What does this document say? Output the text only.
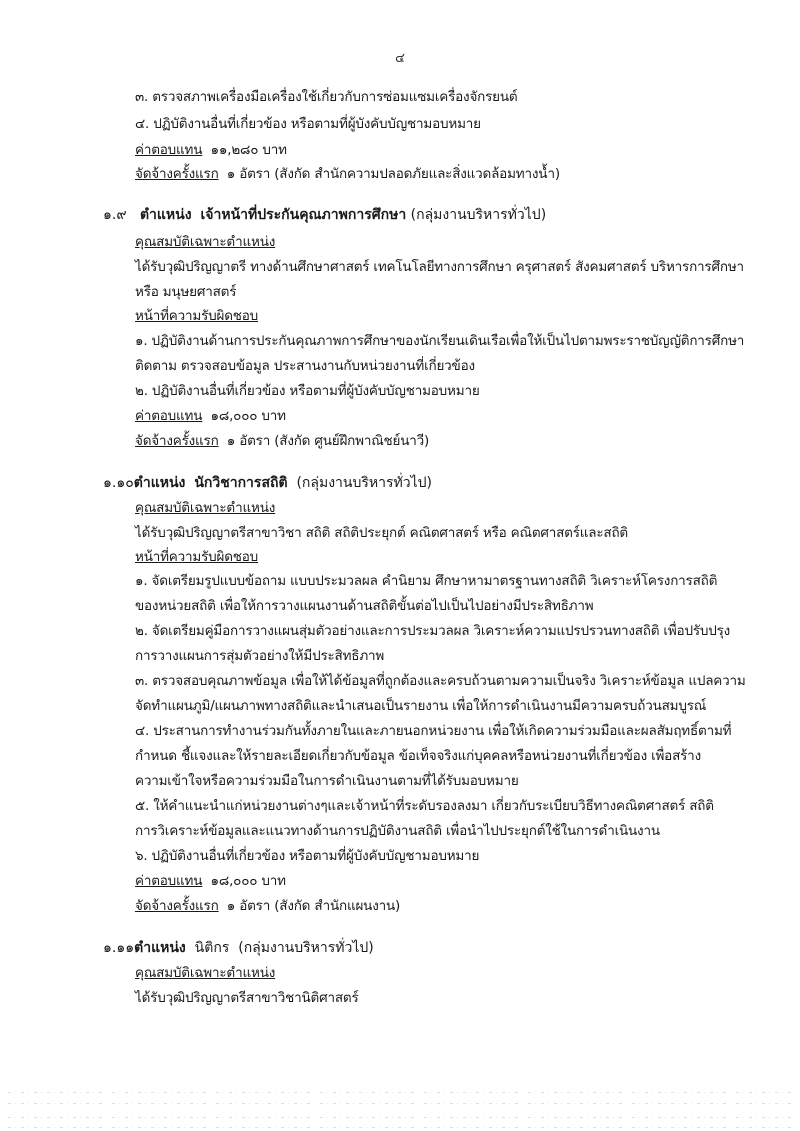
๔
๓. ตรวจสภาพเครื่องมือเครื่องใช้เกี่ยวกับการซ่อมแซมเครื่องจักรยนต์
๔. ปฏิบัติงานอื่นที่เกี่ยวข้อง หรือตามที่ผู้บังคับบัญชามอบหมาย
ค่าตอบแทน ๑๑,๒๘๐ บาท
จัดจ้างครั้งแรก ๑ อัตรา (สังกัด สำนักความปลอดภัยและสิ่งแวดล้อมทางน้ำ)
๑.๙ ตำแหน่ง เจ้าหน้าที่ประกันคุณภาพการศึกษา (กลุ่มงานบริหารทั่วไป)
คุณสมบัติเฉพาะตำแหน่ง
ได้รับวุฒิปริญญาตรี ทางด้านศึกษาศาสตร์ เทคโนโลยีทางการศึกษา ครุศาสตร์ สังคมศาสตร์ บริหารการศึกษา
หรือ มนุษยศาสตร์
หน้าที่ความรับผิดชอบ
๑. ปฏิบัติงานด้านการประกันคุณภาพการศึกษาของนักเรียนเดินเรือเพื่อให้เป็นไปตามพระราชบัญญัติการศึกษา
ติดตาม ตรวจสอบข้อมูล ประสานงานกับหน่วยงานที่เกี่ยวข้อง
๒. ปฏิบัติงานอื่นที่เกี่ยวข้อง หรือตามที่ผู้บังคับบัญชามอบหมาย
ค่าตอบแทน ๑๘,๐๐๐ บาท
จัดจ้างครั้งแรก ๑ อัตรา (สังกัด ศูนย์ฝึกพาณิชย์นาวี)
๑.๑๐ตำแหน่ง นักวิชาการสถิติ (กลุ่มงานบริหารทั่วไป)
คุณสมบัติเฉพาะตำแหน่ง
ได้รับวุฒิปริญญาตรีสาขาวิชา สถิติ สถิติประยุกต์ คณิตศาสตร์ หรือ คณิตศาสตร์และสถิติ
หน้าที่ความรับผิดชอบ
๑. จัดเตรียมรูปแบบข้อถาม แบบประมวลผล คำนิยาม ศึกษาหามาตรฐานทางสถิติ วิเคราะห์โครงการสถิติ
ของหน่วยสถิติ เพื่อให้การวางแผนงานด้านสถิติขั้นต่อไปเป็นไปอย่างมีประสิทธิภาพ
๒. จัดเตรียมคู่มือการวางแผนสุ่มตัวอย่างและการประมวลผล วิเคราะห์ความแปรปรวนทางสถิติ เพื่อปรับปรุง
การวางแผนการสุ่มตัวอย่างให้มีประสิทธิภาพ
๓. ตรวจสอบคุณภาพข้อมูล เพื่อให้ได้ข้อมูลที่ถูกต้องและครบถ้วนตามความเป็นจริง วิเคราะห์ข้อมูล แปลความ
จัดทำแผนภูมิ/แผนภาพทางสถิติและนำเสนอเป็นรายงาน เพื่อให้การดำเนินงานมีความครบถ้วนสมบูรณ์
๔. ประสานการทำงานร่วมกันทั้งภายในและภายนอกหน่วยงาน เพื่อให้เกิดความร่วมมือและผลสัมฤทธิ์ตามที่
กำหนด ชี้แจงและให้รายละเอียดเกี่ยวกับข้อมูล ข้อเท็จจริงแก่บุคคลหรือหน่วยงานที่เกี่ยวข้อง เพื่อสร้าง
ความเข้าใจหรือความร่วมมือในการดำเนินงานตามที่ได้รับมอบหมาย
๕. ให้คำแนะนำแก่หน่วยงานต่างๆและเจ้าหน้าที่ระดับรองลงมา เกี่ยวกับระเบียบวิธีทางคณิตศาสตร์ สถิติ
การวิเคราะห์ข้อมูลและแนวทางด้านการปฏิบัติงานสถิติ เพื่อนำไปประยุกต์ใช้ในการดำเนินงาน
๖. ปฏิบัติงานอื่นที่เกี่ยวข้อง หรือตามที่ผู้บังคับบัญชามอบหมาย
ค่าตอบแทน ๑๘,๐๐๐ บาท
จัดจ้างครั้งแรก ๑ อัตรา (สังกัด สำนักแผนงาน)
๑.๑๑ตำแหน่ง นิติกร (กลุ่มงานบริหารทั่วไป)
คุณสมบัติเฉพาะตำแหน่ง
ได้รับวุฒิปริญญาตรีสาขาวิชานิติศาสตร์
